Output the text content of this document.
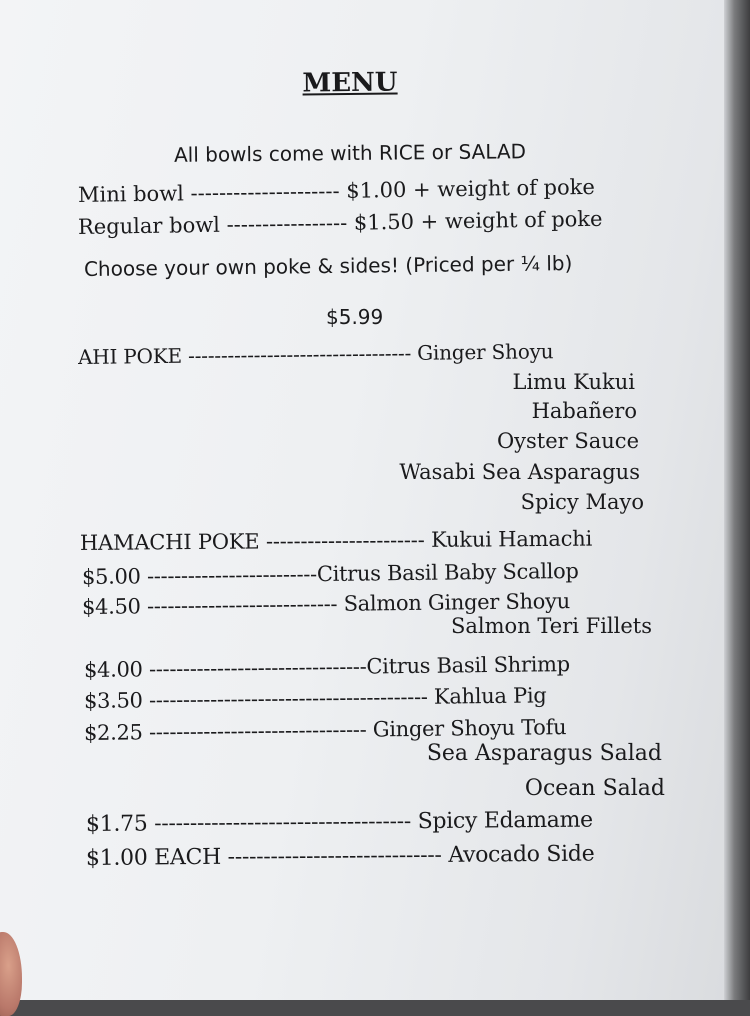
MENU
All bowls come with RICE or SALAD
Mini bowl --------------------- $1.00 + weight of poke
Regular bowl ----------------- $1.50 + weight of poke
Choose your own poke & sides! (Priced per ¼ lb)
$5.99
AHI POKE ---------------------------------- Ginger Shoyu
Limu Kukui
Habañero
Oyster Sauce
Wasabi Sea Asparagus
Spicy Mayo
HAMACHI POKE ----------------------- Kukui Hamachi
$5.00 -------------------------Citrus Basil Baby Scallop
$4.50 ---------------------------- Salmon Ginger Shoyu
Salmon Teri Fillets
$4.00 --------------------------------Citrus Basil Shrimp
$3.50 ----------------------------------------- Kahlua Pig
$2.25 -------------------------------- Ginger Shoyu Tofu
Sea Asparagus Salad
Ocean Salad
$1.75 ------------------------------------ Spicy Edamame
$1.00 EACH ------------------------------ Avocado Side
